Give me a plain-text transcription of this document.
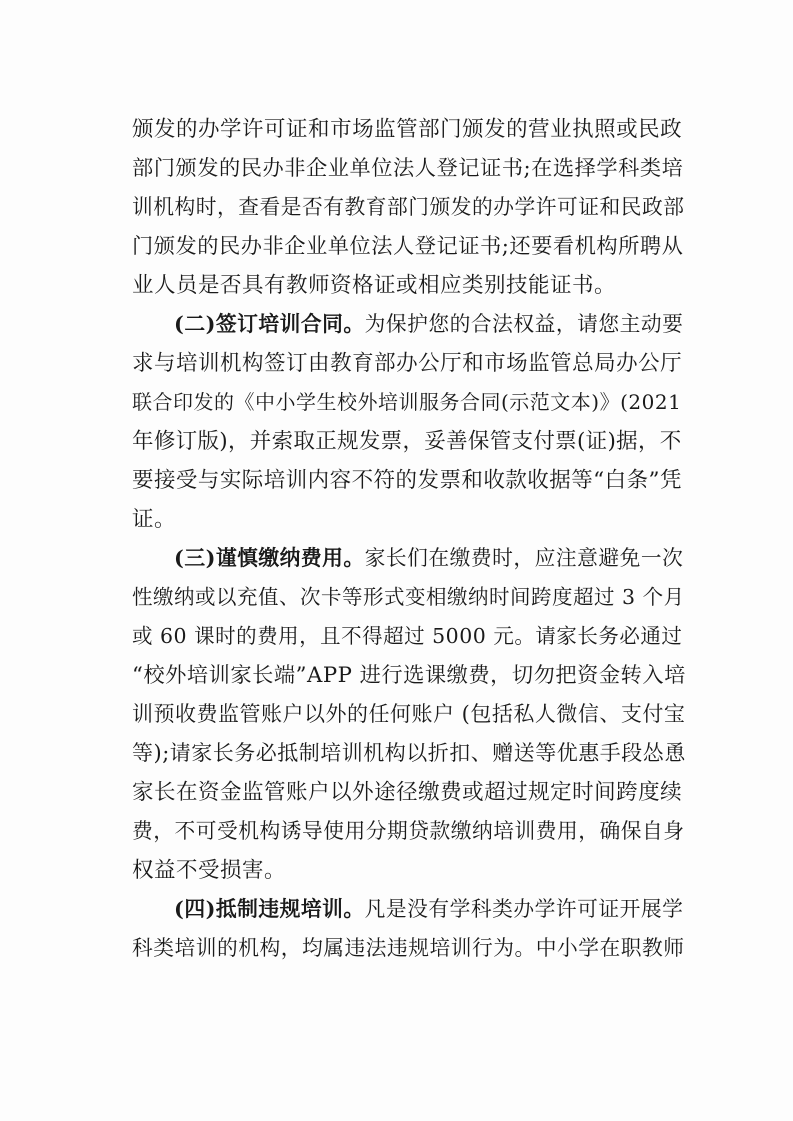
颁发的办学许可证和市场监管部门颁发的营业执照或民政
部门颁发的民办非企业单位法人登记证书;在选择学科类培
训机构时，查看是否有教育部门颁发的办学许可证和民政部
门颁发的民办非企业单位法人登记证书;还要看机构所聘从
业人员是否具有教师资格证或相应类别技能证书。
(二)签订培训合同。为保护您的合法权益，请您主动要
求与培训机构签订由教育部办公厅和市场监管总局办公厅
联合印发的《中小学生校外培训服务合同(示范文本)》(2021
年修订版)，并索取正规发票，妥善保管支付票(证)据，不
要接受与实际培训内容不符的发票和收款收据等“白条”凭
证。
(三)谨慎缴纳费用。家长们在缴费时，应注意避免一次
性缴纳或以充值、次卡等形式变相缴纳时间跨度超过 3 个月
或 60 课时的费用，且不得超过 5000 元。请家长务必通过
“校外培训家长端”APP 进行选课缴费，切勿把资金转入培
训预收费监管账户以外的任何账户 (包括私人微信、支付宝
等);请家长务必抵制培训机构以折扣、赠送等优惠手段怂恿
家长在资金监管账户以外途径缴费或超过规定时间跨度续
费，不可受机构诱导使用分期贷款缴纳培训费用，确保自身
权益不受损害。
(四)抵制违规培训。凡是没有学科类办学许可证开展学
科类培训的机构，均属违法违规培训行为。中小学在职教师
